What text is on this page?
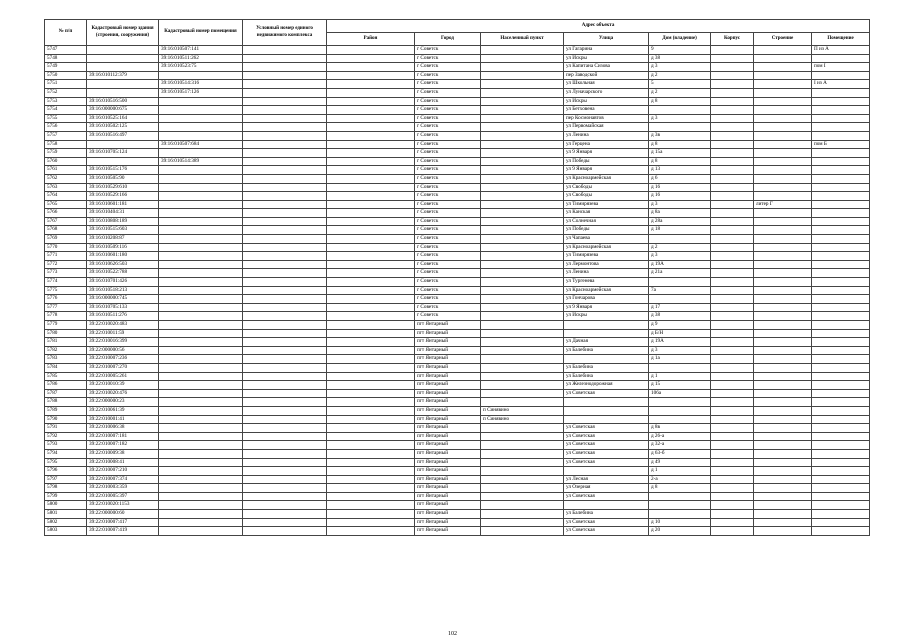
№ п/п	Кадастровый номер здания (строения, сооружения)	Кадастровый номер помещения	Условный номер единого недвижимого комплекса	Адрес объекта							
				Район	Город	Населенный пункт	Улица	Дом (владение)	Корпус	Строение	Помещение
5747		39:16:010507:141			г Советск		ул Гагарина	9			П из А
5748		39:16:010511:262			г Советск		ул Искры	д 38			
5749		39:16:010523:75			г Советск		ул Капитана Сизова	д 3			пом I
5750	39:16:010112:379				г Советск		пер Заводской	д 2			
5751		39:16:010514:316			г Советск		ул Школьная	5			I из А
5752		39:16:010517:126			г Советск		ул Луначарского	д 2			
5753	39:16:010516:500				г Советск		ул Искры	д 8			
5754	39:16:000000:675				г Советск		ул Бетховена				
5755	39:16:010525:164				г Советск		пер Космонавтов	д 3			
5756	39:16:010502:125				г Советск		ул Первомайская				
5757	39:16:010516:497				г Советск		ул Ленина	д 3в			
5758		39:16:010507:684			г Советск		ул Герцена	д 8			пом Б
5759	39:16:010705:124				г Советск		ул 9 Января	д 15а			
5760		39:16:010514:389			г Советск		ул Победы	д 8			
5761	39:16:010515:176				г Советск		ул 9 Января	д 13			
5762	39:16:010505:90				г Советск		ул Красноармейская	д 6			
5763	39:16:010529:610				г Советск		ул Свободы	д 16			
5764	39:16:010529:166				г Советск		ул Свободы	д 16			
5765	39:16:010601:181				г Советск		ул Тимирязева	д 3		литер Г	
5766	39:16:010404:31				г Советск		ул Канская	д 8а			
5767	39:16:010808:189				г Советск		ул Солнечная	д 28а			
5768	39:16:010515:603				г Советск		ул Победы	д 18			
5769	39:16:010208:87				г Советск		ул Чапаева				
5770	39:16:010509:116				г Советск		ул Красноармейская	д 2			
5771	39:16:010601:180				г Советск		ул Тимирязева	д 3			
5772	39:16:010626:503				г Советск		ул Лермонтова	д 19А			
5773	39:16:010522:788				г Советск		ул Ленина	д 21а			
5774	39:16:010701:426				г Советск		ул Тургенева				
5775	39:16:010518:213				г Советск		ул Красноармейская	7а			
5776	39:16:000000:745				г Советск		ул Гончарова				
5777	39:16:010705:133				г Советск		ул 9 Января	д 17			
5778	39:16:010511:276				г Советск		ул Искры	д 38			
5779	39:22:010020:483				пгт Янтарный			д 9			
5780	39:22:010011:59				пгт Янтарный			д Б/Н			
5781	39:22:010016:399				пгт Янтарный		ул Дачная	д 19А			
5782	39:22:000000:56				пгт Янтарный		ул Балебина	д 3			
5783	39:22:010007:236				пгт Янтарный			д 1а			
5784	39:22:010007:270				пгт Янтарный		ул Балебина				
5785	39:22:010005:261				пгт Янтарный		ул Балебина	д 1			
5786	39:22:010010:39				пгт Янтарный		ул Железнодорожная	д 15			
5787	39:22:010020:476				пгт Янтарный		ул Советская	106а			
5788	39:22:000000:23				пгт Янтарный						
5789	39:22:010061:39				пгт Янтарный	п Синявино					
5790	39:22:010001:41				пгт Янтарный	п Синявино					
5791	39:22:010006:38				пгт Янтарный		ул Советская	д 8в			
5792	39:22:010007:181				пгт Янтарный		ул Советская	д 26-а			
5793	39:22:010007:182				пгт Янтарный		ул Советская	д 32-а			
5794	39:22:010009:38				пгт Янтарный		ул Советская	д 63-б			
5795	39:22:010008:41				пгт Янтарный		ул Советская	д 49			
5796	39:22:010007:210				пгт Янтарный			д 1			
5797	39:22:010007:374				пгт Янтарный		ул Лесная	2-а			
5798	39:22:010003:359				пгт Янтарный		ул Озерная	д 8			
5799	39:22:010005:397				пгт Янтарный		ул Советская				
5800	39:22:010020:1153				пгт Янтарный						
5801	39:22:000000:60				пгт Янтарный		ул Балебина				
5802	39:22:010007:417				пгт Янтарный		ул Советская	д 10			
5803	39:22:010007:419				пгт Янтарный		ул Советская	д 20			
102
